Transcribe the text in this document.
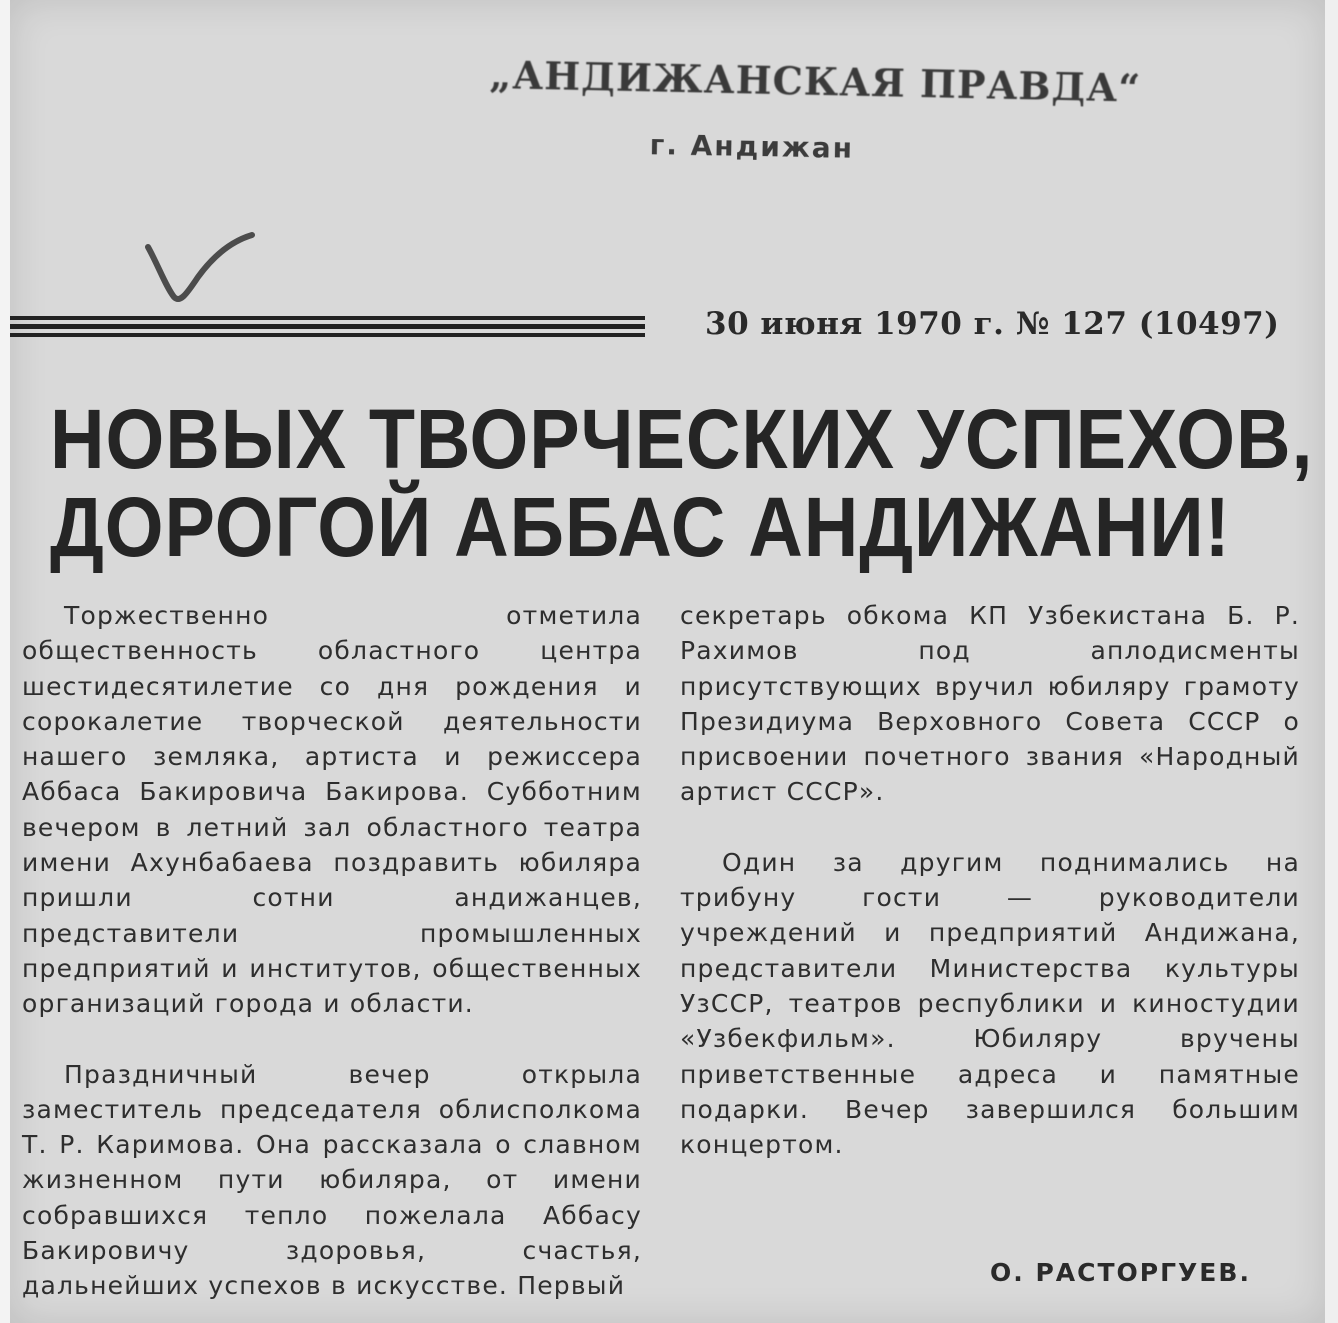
„АНДИЖАНСКАЯ ПРАВДА“
г. Андижан
30 июня 1970 г. № 127 (10497)
НОВЫХ ТВОРЧЕСКИХ УСПЕХОВ,
ДОРОГОЙ АББАС АНДИЖАНИ!

Торжественно отметила общественность областного центра шестидесятилетие со дня рождения и сорокалетие творческой деятельности нашего земляка, артиста и режиссера Аббаса Бакировича Бакирова. Субботним вечером в летний зал областного театра имени Ахунбабаева поздравить юбиляра пришли сотни андижанцев, представители промышленных предприятий и институтов, общественных организаций города и области.

Праздничный вечер открыла заместитель председателя облисполкома Т. Р. Каримова. Она рассказала о славном жизненном пути юбиляра, от имени собравшихся тепло пожелала Аббасу Бакировичу здоровья, счастья, дальнейших успехов в искусстве. Первый

секретарь обкома КП Узбекистана Б. Р. Рахимов под аплодисменты присутствующих вручил юбиляру грамоту Президиума Верховного Совета СССР о присвоении почетного звания «Народный артист СССР».

Один за другим поднимались на трибуну гости — руководители учреждений и предприятий Андижана, представители Министерства культуры УзССР, театров республики и киностудии «Узбекфильм». Юбиляру вручены приветственные адреса и памятные подарки. Вечер завершился большим концертом.

О. РАСТОРГУЕВ.
